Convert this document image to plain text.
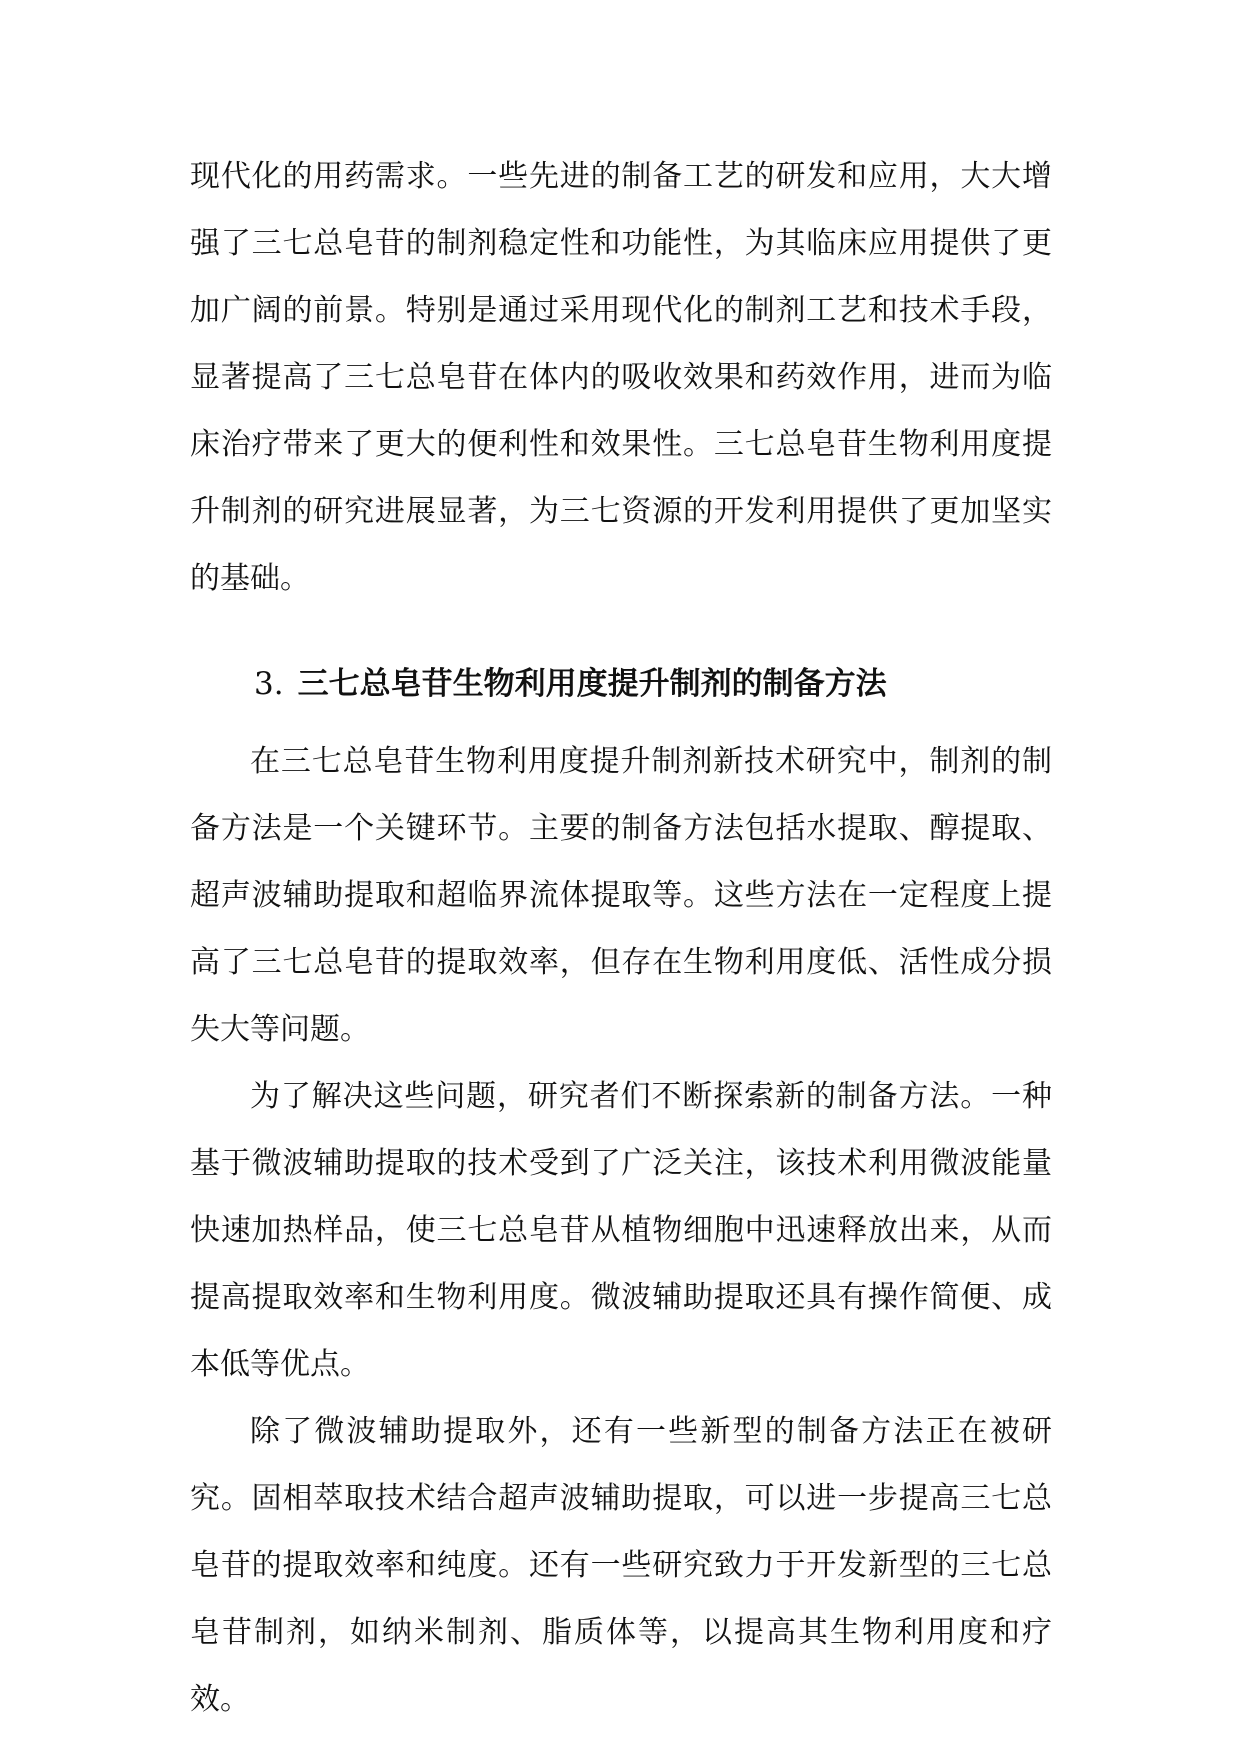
现代化的用药需求。一些先进的制备工艺的研发和应用，大大增强了三七总皂苷的制剂稳定性和功能性，为其临床应用提供了更加广阔的前景。特别是通过采用现代化的制剂工艺和技术手段，显著提高了三七总皂苷在体内的吸收效果和药效作用，进而为临床治疗带来了更大的便利性和效果性。三七总皂苷生物利用度提升制剂的研究进展显著，为三七资源的开发利用提供了更加坚实的基础。

3. 三七总皂苷生物利用度提升制剂的制备方法

在三七总皂苷生物利用度提升制剂新技术研究中，制剂的制备方法是一个关键环节。主要的制备方法包括水提取、醇提取、超声波辅助提取和超临界流体提取等。这些方法在一定程度上提高了三七总皂苷的提取效率，但存在生物利用度低、活性成分损失大等问题。

为了解决这些问题，研究者们不断探索新的制备方法。一种基于微波辅助提取的技术受到了广泛关注，该技术利用微波能量快速加热样品，使三七总皂苷从植物细胞中迅速释放出来，从而提高提取效率和生物利用度。微波辅助提取还具有操作简便、成本低等优点。

除了微波辅助提取外，还有一些新型的制备方法正在被研究。固相萃取技术结合超声波辅助提取，可以进一步提高三七总皂苷的提取效率和纯度。还有一些研究致力于开发新型的三七总皂苷制剂，如纳米制剂、脂质体等，以提高其生物利用度和疗效。
